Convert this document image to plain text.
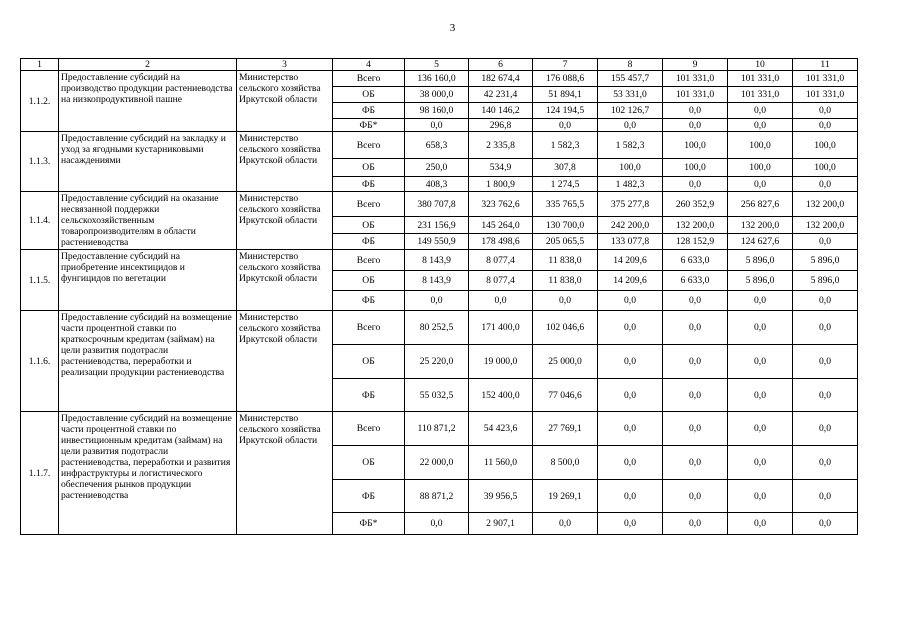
3
1	2	3	4	5	6	7	8	9	10	11
1.1.2.	Предоставление субсидий на производство продукции растениеводства на низкопродуктивной пашне	Министерство сельского хозяйства Иркутской области	Всего	136 160,0	182 674,4	176 088,6	155 457,7	101 331,0	101 331,0	101 331,0
			ОБ	38 000,0	42 231,4	51 894,1	53 331,0	101 331,0	101 331,0	101 331,0
			ФБ	98 160,0	140 146,2	124 194,5	102 126,7	0,0	0,0	0,0
			ФБ*	0,0	296,8	0,0	0,0	0,0	0,0	0,0
1.1.3.	Предоставление субсидий на закладку и уход за ягодными кустарниковыми насаждениями	Министерство сельского хозяйства Иркутской области	Всего	658,3	2 335,8	1 582,3	1 582,3	100,0	100,0	100,0
			ОБ	250,0	534,9	307,8	100,0	100,0	100,0	100,0
			ФБ	408,3	1 800,9	1 274,5	1 482,3	0,0	0,0	0,0
1.1.4.	Предоставление субсидий на оказание несвязанной поддержки сельскохозяйственным товаропроизводителям в области растениеводства	Министерство сельского хозяйства Иркутской области	Всего	380 707,8	323 762,6	335 765,5	375 277,8	260 352,9	256 827,6	132 200,0
			ОБ	231 156,9	145 264,0	130 700,0	242 200,0	132 200,0	132 200,0	132 200,0
			ФБ	149 550,9	178 498,6	205 065,5	133 077,8	128 152,9	124 627,6	0,0
1.1.5.	Предоставление субсидий на приобретение инсектицидов и фунгицидов по вегетации	Министерство сельского хозяйства Иркутской области	Всего	8 143,9	8 077,4	11 838,0	14 209,6	6 633,0	5 896,0	5 896,0
			ОБ	8 143,9	8 077,4	11 838,0	14 209,6	6 633,0	5 896,0	5 896,0
			ФБ	0,0	0,0	0,0	0,0	0,0	0,0	0,0
1.1.6.	Предоставление субсидий на возмещение части процентной ставки по краткосрочным кредитам (займам) на цели развития подотрасли растениеводства, переработки и реализации продукции растениеводства	Министерство сельского хозяйства Иркутской области	Всего	80 252,5	171 400,0	102 046,6	0,0	0,0	0,0	0,0
			ОБ	25 220,0	19 000,0	25 000,0	0,0	0,0	0,0	0,0
			ФБ	55 032,5	152 400,0	77 046,6	0,0	0,0	0,0	0,0
1.1.7.	Предоставление субсидий на возмещение части процентной ставки по инвестиционным кредитам (займам) на цели развития подотрасли растениеводства, переработки и развития инфраструктуры и логистического обеспечения рынков продукции растениеводства	Министерство сельского хозяйства Иркутской области	Всего	110 871,2	54 423,6	27 769,1	0,0	0,0	0,0	0,0
			ОБ	22 000,0	11 560,0	8 500,0	0,0	0,0	0,0	0,0
			ФБ	88 871,2	39 956,5	19 269,1	0,0	0,0	0,0	0,0
			ФБ*	0,0	2 907,1	0,0	0,0	0,0	0,0	0,0
